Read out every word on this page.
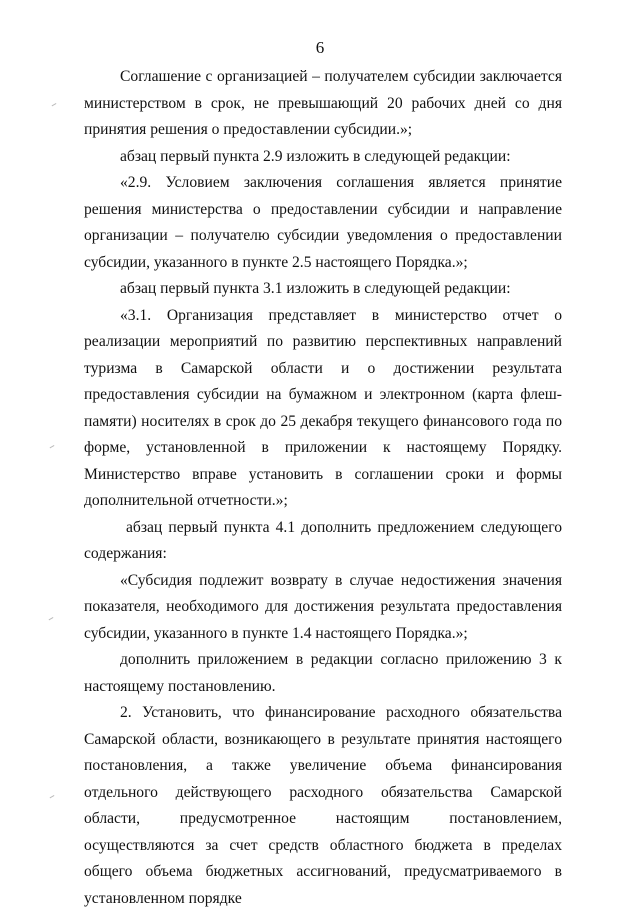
6

Соглашение с организацией – получателем субсидии заключается министерством в срок, не превышающий 20 рабочих дней со дня принятия решения о предоставлении субсидии.»;

абзац первый пункта 2.9 изложить в следующей редакции:

«2.9. Условием заключения соглашения является принятие решения министерства о предоставлении субсидии и направление организации – получателю субсидии уведомления о предоставлении субсидии, указанного в пункте 2.5 настоящего Порядка.»;

абзац первый пункта 3.1 изложить в следующей редакции:

«3.1. Организация представляет в министерство отчет о реализации мероприятий по развитию перспективных направлений туризма в Самарской области и о достижении результата предоставления субсидии на бумажном и электронном (карта флеш-памяти) носителях в срок до 25 декабря текущего финансового года по форме, установленной в приложении к настоящему Порядку. Министерство вправе установить в соглашении сроки и формы дополнительной отчетности.»;

абзац первый пункта 4.1 дополнить предложением следующего содержания:

«Субсидия подлежит возврату в случае недостижения значения показателя, необходимого для достижения результата предоставления субсидии, указанного в пункте 1.4 настоящего Порядка.»;

дополнить приложением в редакции согласно приложению 3 к настоящему постановлению.

2. Установить, что финансирование расходного обязательства Самарской области, возникающего в результате принятия настоящего постановления, а также увеличение объема финансирования отдельного действующего расходного обязательства Самарской области, предусмотренное настоящим постановлением, осуществляются за счет средств областного бюджета в пределах общего объема бюджетных ассигнований, предусматриваемого в установленном порядке
